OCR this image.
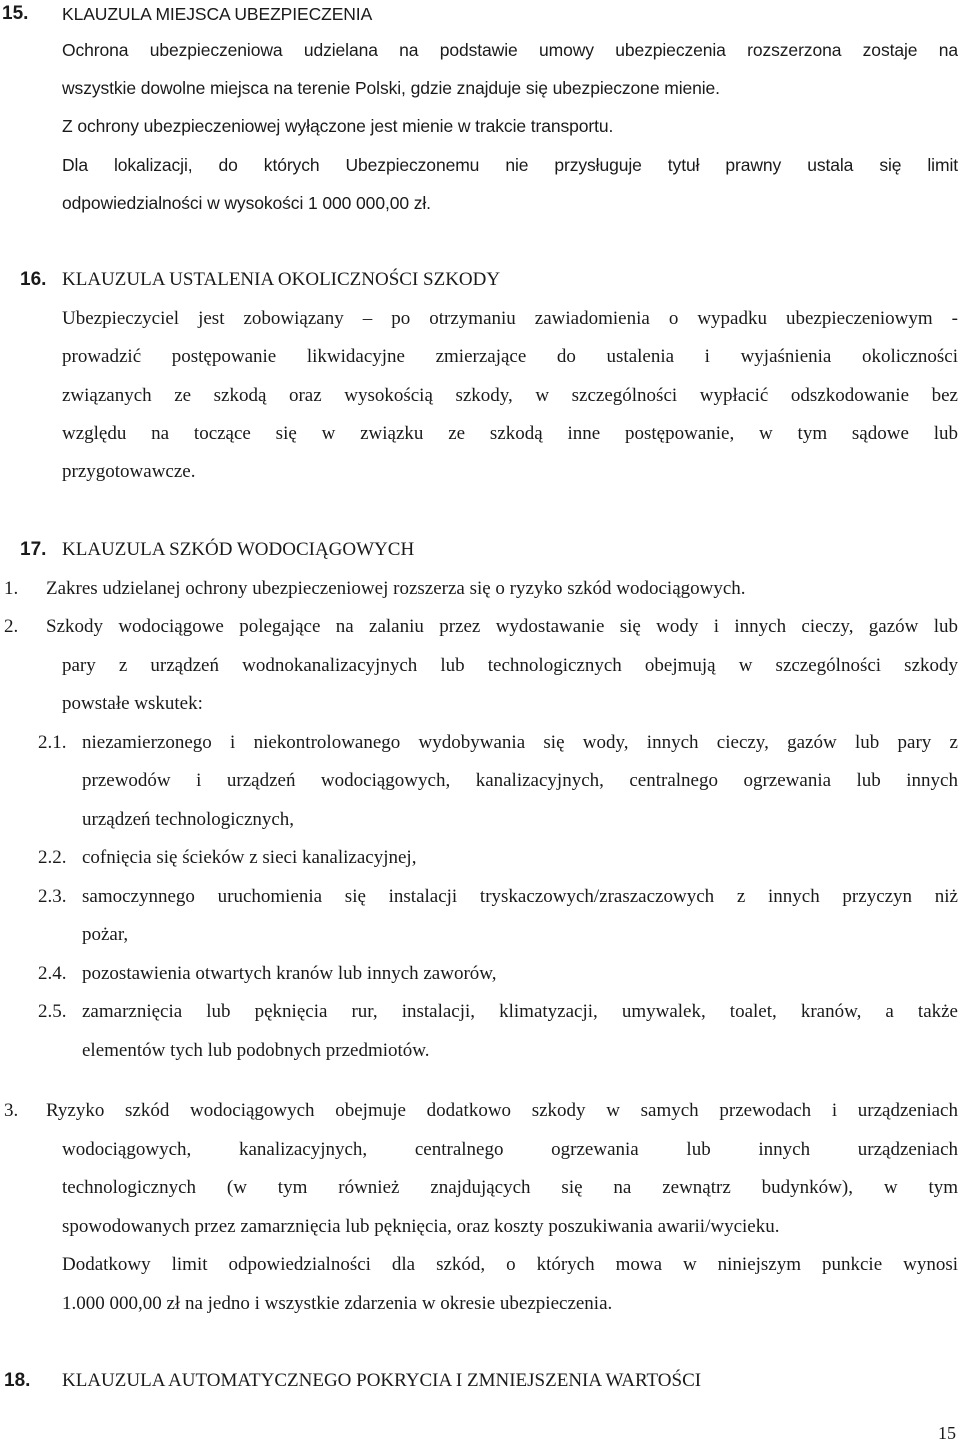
15. KLAUZULA MIEJSCA UBEZPIECZENIA
Ochrona ubezpieczeniowa udzielana na podstawie umowy ubezpieczenia rozszerzona zostaje na
wszystkie dowolne miejsca na terenie Polski, gdzie znajduje się ubezpieczone mienie.
Z ochrony ubezpieczeniowej wyłączone jest mienie w trakcie transportu.
Dla lokalizacji, do których Ubezpieczonemu nie przysługuje tytuł prawny ustala się limit
odpowiedzialności w wysokości 1 000 000,00 zł.
16. KLAUZULA USTALENIA OKOLICZNOŚCI SZKODY
Ubezpieczyciel jest zobowiązany – po otrzymaniu zawiadomienia o wypadku ubezpieczeniowym -
prowadzić postępowanie likwidacyjne zmierzające do ustalenia i wyjaśnienia okoliczności
związanych ze szkodą oraz wysokością szkody, w szczególności wypłacić odszkodowanie bez
względu na toczące się w związku ze szkodą inne postępowanie, w tym sądowe lub
przygotowawcze.
17. KLAUZULA SZKÓD WODOCIĄGOWYCH
1. Zakres udzielanej ochrony ubezpieczeniowej rozszerza się o ryzyko szkód wodociągowych.
2. Szkody wodociągowe polegające na zalaniu przez wydostawanie się wody i innych cieczy, gazów lub
pary z urządzeń wodnokanalizacyjnych lub technologicznych obejmują w szczególności szkody
powstałe wskutek:
2.1. niezamierzonego i niekontrolowanego wydobywania się wody, innych cieczy, gazów lub pary z
przewodów i urządzeń wodociągowych, kanalizacyjnych, centralnego ogrzewania lub innych
urządzeń technologicznych,
2.2. cofnięcia się ścieków z sieci kanalizacyjnej,
2.3. samoczynnego uruchomienia się instalacji tryskaczowych/zraszaczowych z innych przyczyn niż
pożar,
2.4. pozostawienia otwartych kranów lub innych zaworów,
2.5. zamarznięcia lub pęknięcia rur, instalacji, klimatyzacji, umywalek, toalet, kranów, a także
elementów tych lub podobnych przedmiotów.
3. Ryzyko szkód wodociągowych obejmuje dodatkowo szkody w samych przewodach i urządzeniach
wodociągowych, kanalizacyjnych, centralnego ogrzewania lub innych urządzeniach
technologicznych (w tym również znajdujących się na zewnątrz budynków), w tym
spowodowanych przez zamarznięcia lub pęknięcia, oraz koszty poszukiwania awarii/wycieku.
Dodatkowy limit odpowiedzialności dla szkód, o których mowa w niniejszym punkcie wynosi
1.000 000,00 zł na jedno i wszystkie zdarzenia w okresie ubezpieczenia.
18. KLAUZULA AUTOMATYCZNEGO POKRYCIA I ZMNIEJSZENIA WARTOŚCI
15
